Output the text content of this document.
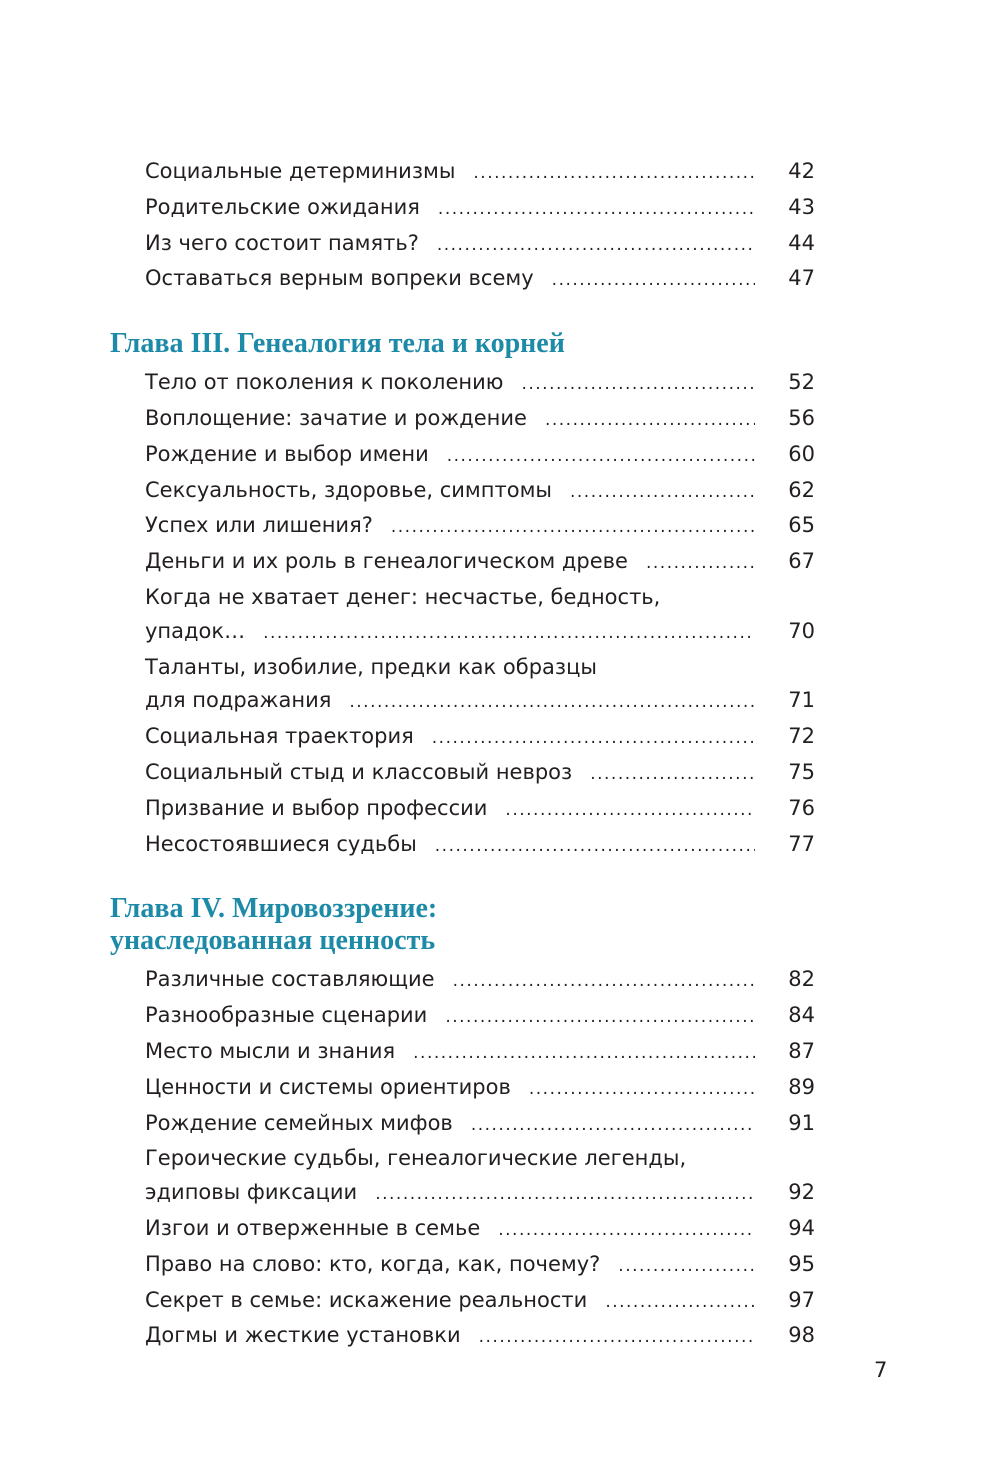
Социальные детерминизмы .....	42
Родительские ожидания .....	43
Из чего состоит память? .....	44
Оставаться верным вопреки всему .....	47
Глава III. Генеалогия тела и корней
Тело от поколения к поколению .....	52
Воплощение: зачатие и рождение .....	56
Рождение и выбор имени .....	60
Сексуальность, здоровье, симптомы .....	62
Успех или лишения? .....	65
Деньги и их роль в генеалогическом древе .....	67
Когда не хватает денег: несчастье, бедность,
упадок… .....	70
Таланты, изобилие, предки как образцы
для подражания .....	71
Социальная траектория .....	72
Социальный стыд и классовый невроз .....	75
Призвание и выбор профессии .....	76
Несостоявшиеся судьбы .....	77
Глава IV. Мировоззрение:
унаследованная ценность
Различные составляющие .....	82
Разнообразные сценарии .....	84
Место мысли и знания .....	87
Ценности и системы ориентиров .....	89
Рождение семейных мифов .....	91
Героические судьбы, генеалогические легенды,
эдиповы фиксации .....	92
Изгои и отверженные в семье .....	94
Право на слово: кто, когда, как, почему? .....	95
Секрет в семье: искажение реальности .....	97
Догмы и жесткие установки .....	98
7
